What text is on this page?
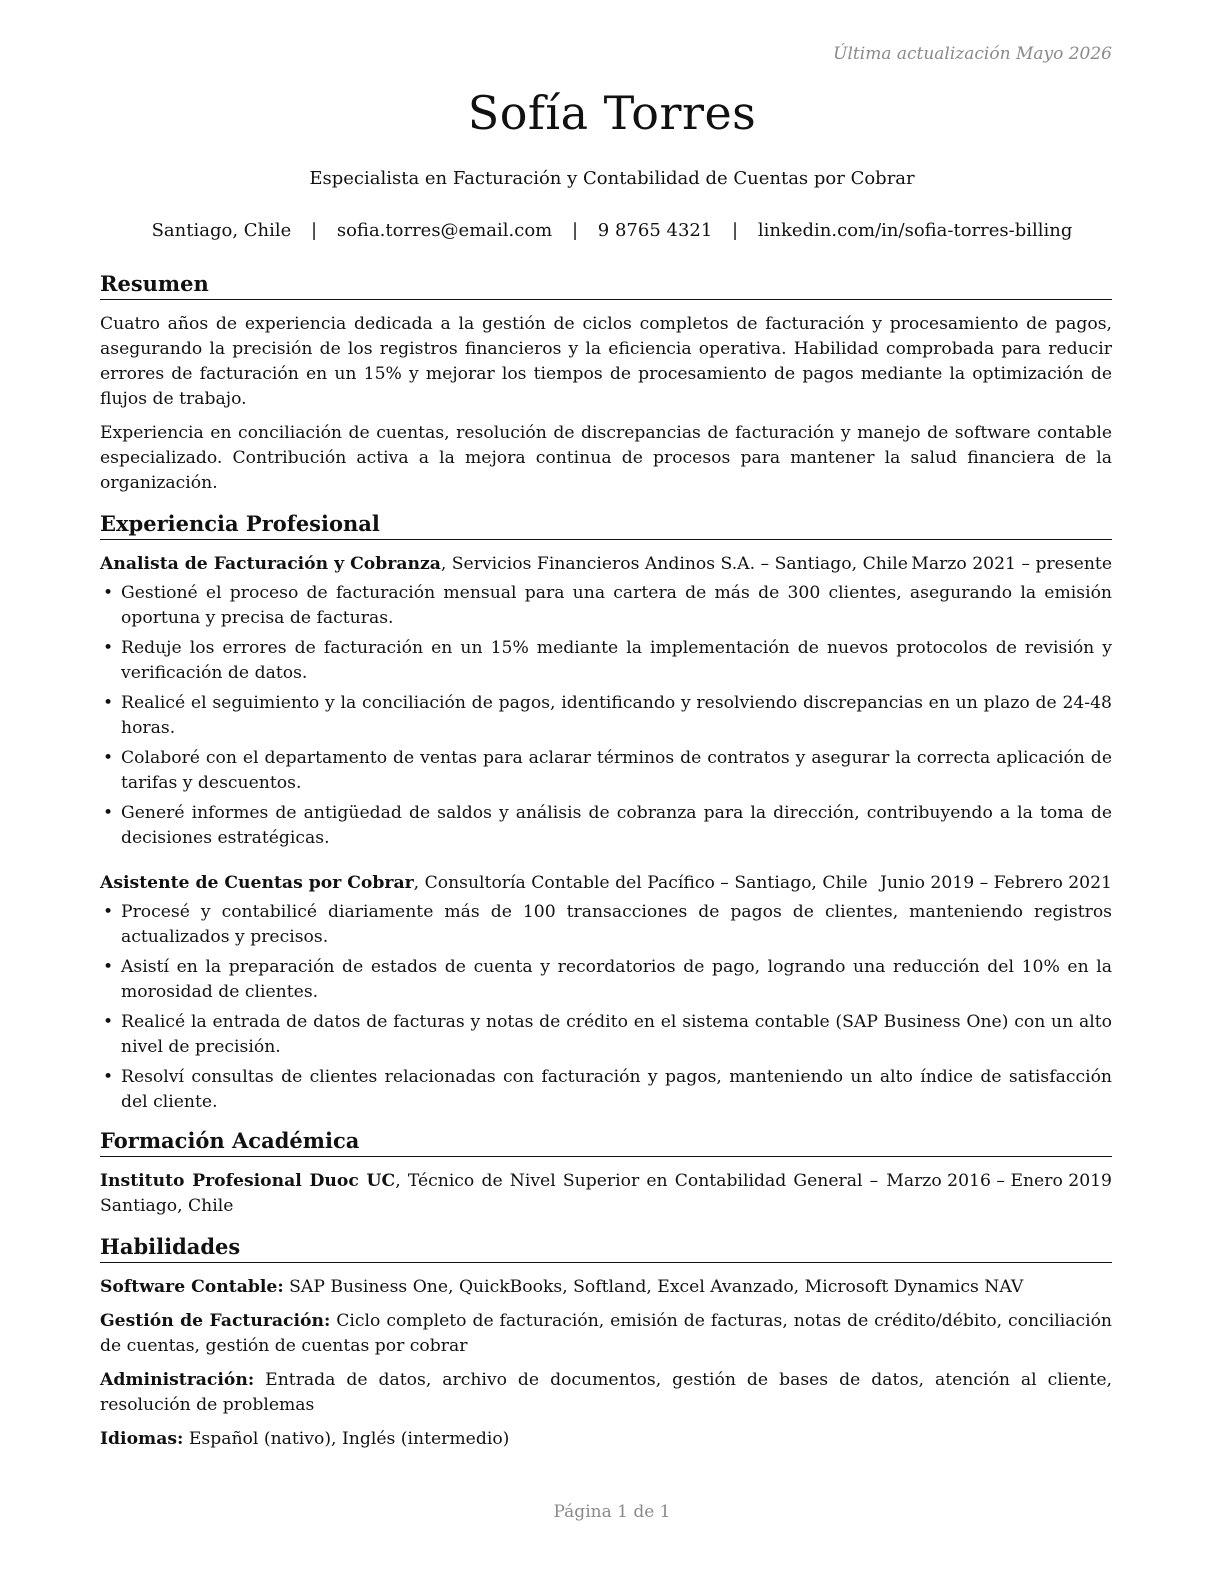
Última actualización Mayo 2026
Sofía Torres
Especialista en Facturación y Contabilidad de Cuentas por Cobrar
Santiago, Chile | sofia.torres@email.com | 9 8765 4321 | linkedin.com/in/sofia-torres-billing
Resumen

Cuatro años de experiencia dedicada a la gestión de ciclos completos de facturación y procesamiento de pagos, asegurando la precisión de los registros financieros y la eficiencia operativa. Habilidad comprobada para reducir errores de facturación en un 15% y mejorar los tiempos de procesamiento de pagos mediante la optimización de flujos de trabajo.

Experiencia en conciliación de cuentas, resolución de discrepancias de facturación y manejo de software contable especializado. Contribución activa a la mejora continua de procesos para mantener la salud financiera de la organización.

Experiencia Profesional
Analista de Facturación y Cobranza, Servicios Financieros Andinos S.A. – Santiago, Chile Marzo 2021 – presente
• Gestioné el proceso de facturación mensual para una cartera de más de 300 clientes, asegurando la emisión oportuna y precisa de facturas.
• Reduje los errores de facturación en un 15% mediante la implementación de nuevos protocolos de revisión y verificación de datos.
• Realicé el seguimiento y la conciliación de pagos, identificando y resolviendo discrepancias en un plazo de 24-48 horas.
• Colaboré con el departamento de ventas para aclarar términos de contratos y asegurar la correcta aplicación de tarifas y descuentos.
• Generé informes de antigüedad de saldos y análisis de cobranza para la dirección, contribuyendo a la toma de decisiones estratégicas.
Asistente de Cuentas por Cobrar, Consultoría Contable del Pacífico – Santiago, Chile Junio 2019 – Febrero 2021
• Procesé y contabilicé diariamente más de 100 transacciones de pagos de clientes, manteniendo registros actualizados y precisos.
• Asistí en la preparación de estados de cuenta y recordatorios de pago, logrando una reducción del 10% en la morosidad de clientes.
• Realicé la entrada de datos de facturas y notas de crédito en el sistema contable (SAP Business One) con un alto nivel de precisión.
• Resolví consultas de clientes relacionadas con facturación y pagos, manteniendo un alto índice de satisfacción del cliente.
Formación Académica
Marzo 2016 – Enero 2019
Instituto Profesional Duoc UC, Técnico de Nivel Superior en Contabilidad General – Santiago, Chile
Habilidades
Software Contable: SAP Business One, QuickBooks, Softland, Excel Avanzado, Microsoft Dynamics NAV
Gestión de Facturación: Ciclo completo de facturación, emisión de facturas, notas de crédito/débito, conciliación de cuentas, gestión de cuentas por cobrar
Administración: Entrada de datos, archivo de documentos, gestión de bases de datos, atención al cliente, resolución de problemas
Idiomas: Español (nativo), Inglés (intermedio)
Página 1 de 1
